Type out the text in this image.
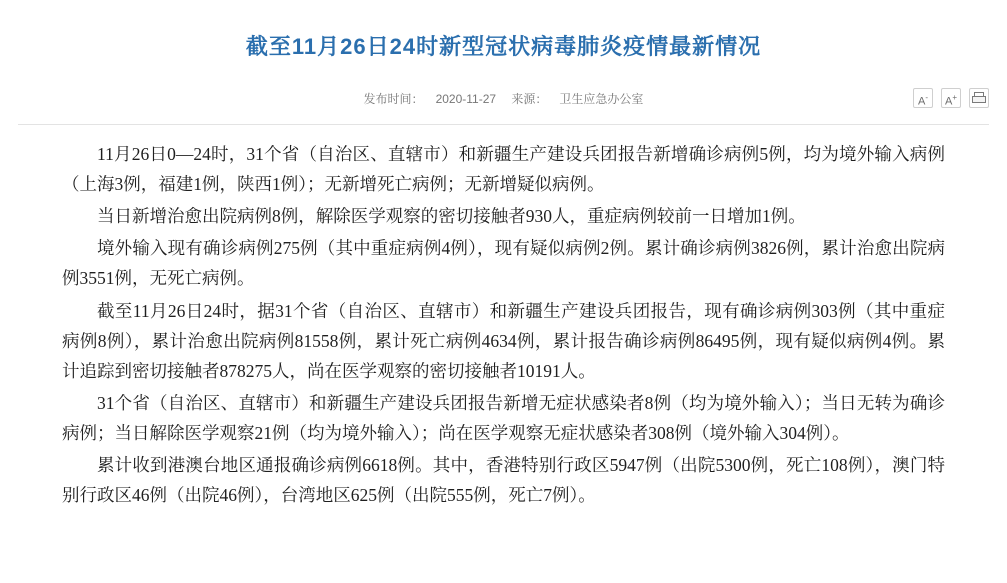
截至11月26日24时新型冠状病毒肺炎疫情最新情况
发布时间： 2020-11-27 来源： 卫生应急办公室	A-	A+

11月26日0—24时，31个省（自治区、直辖市）和新疆生产建设兵团报告新增确诊病例5例，均为境外输入病例（上海3例，福建1例，陕西1例）；无新增死亡病例；无新增疑似病例。

当日新增治愈出院病例8例，解除医学观察的密切接触者930人，重症病例较前一日增加1例。

境外输入现有确诊病例275例（其中重症病例4例），现有疑似病例2例。累计确诊病例3826例，累计治愈出院病例3551例，无死亡病例。

截至11月26日24时，据31个省（自治区、直辖市）和新疆生产建设兵团报告，现有确诊病例303例（其中重症病例8例），累计治愈出院病例81558例，累计死亡病例4634例，累计报告确诊病例86495例，现有疑似病例4例。累计追踪到密切接触者878275人，尚在医学观察的密切接触者10191人。

31个省（自治区、直辖市）和新疆生产建设兵团报告新增无症状感染者8例（均为境外输入）；当日无转为确诊病例；当日解除医学观察21例（均为境外输入）；尚在医学观察无症状感染者308例（境外输入304例）。

累计收到港澳台地区通报确诊病例6618例。其中，香港特别行政区5947例（出院5300例，死亡108例），澳门特别行政区46例（出院46例），台湾地区625例（出院555例，死亡7例）。
